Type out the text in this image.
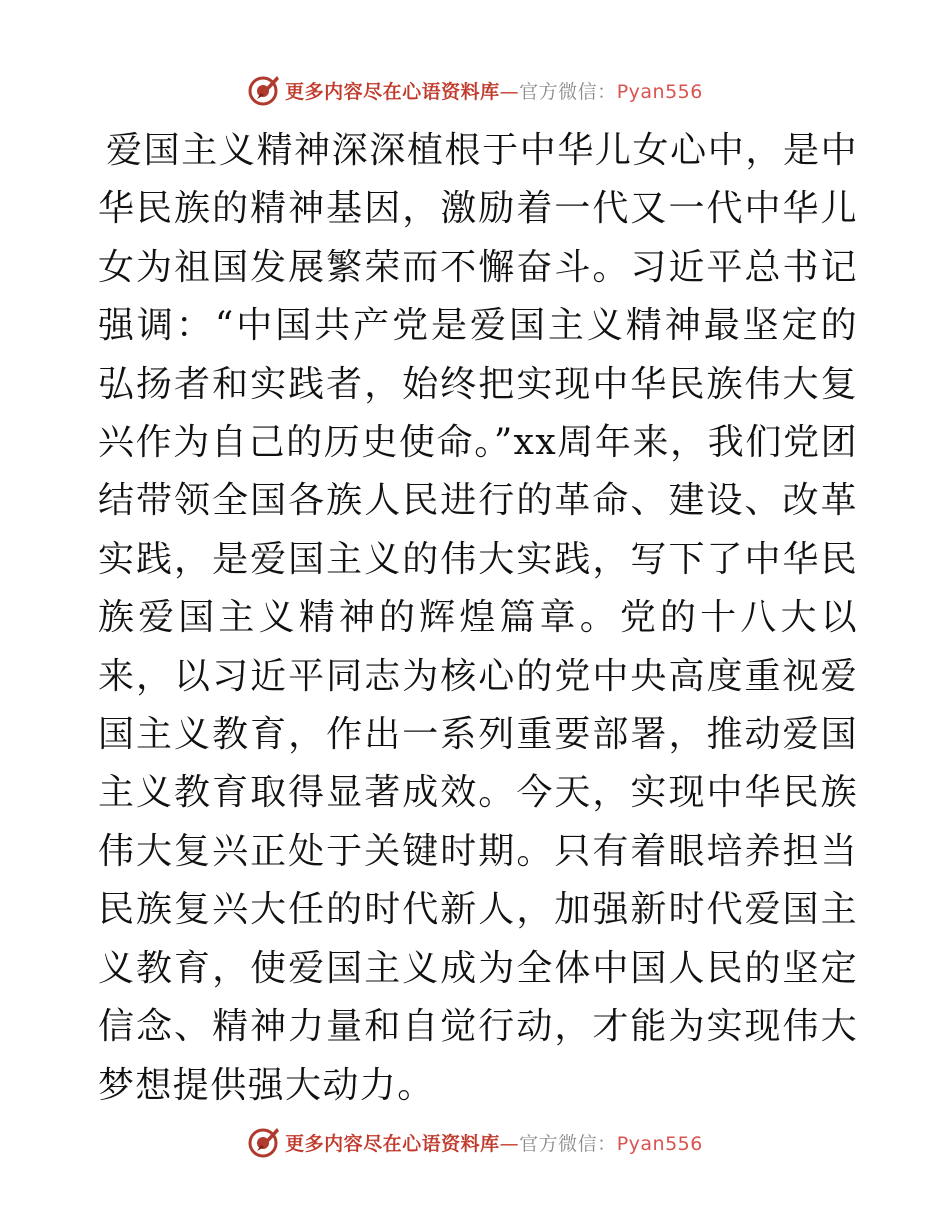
更多内容尽在心语资料库—官方微信：Pyan556

爱国主义精神深深植根于中华儿女心中，是中华民族的精神基因，激励着一代又一代中华儿女为祖国发展繁荣而不懈奋斗。习近平总书记强调：“中国共产党是爱国主义精神最坚定的弘扬者和实践者，始终把实现中华民族伟大复兴作为自己的历史使命。”xx周年来，我们党团结带领全国各族人民进行的革命、建设、改革实践，是爱国主义的伟大实践，写下了中华民族爱国主义精神的辉煌篇章。党的十八大以来，以习近平同志为核心的党中央高度重视爱国主义教育，作出一系列重要部署，推动爱国主义教育取得显著成效。今天，实现中华民族伟大复兴正处于关键时期。只有着眼培养担当民族复兴大任的时代新人，加强新时代爱国主义教育，使爱国主义成为全体中国人民的坚定信念、精神力量和自觉行动，才能为实现伟大梦想提供强大动力。

更多内容尽在心语资料库—官方微信：Pyan556
